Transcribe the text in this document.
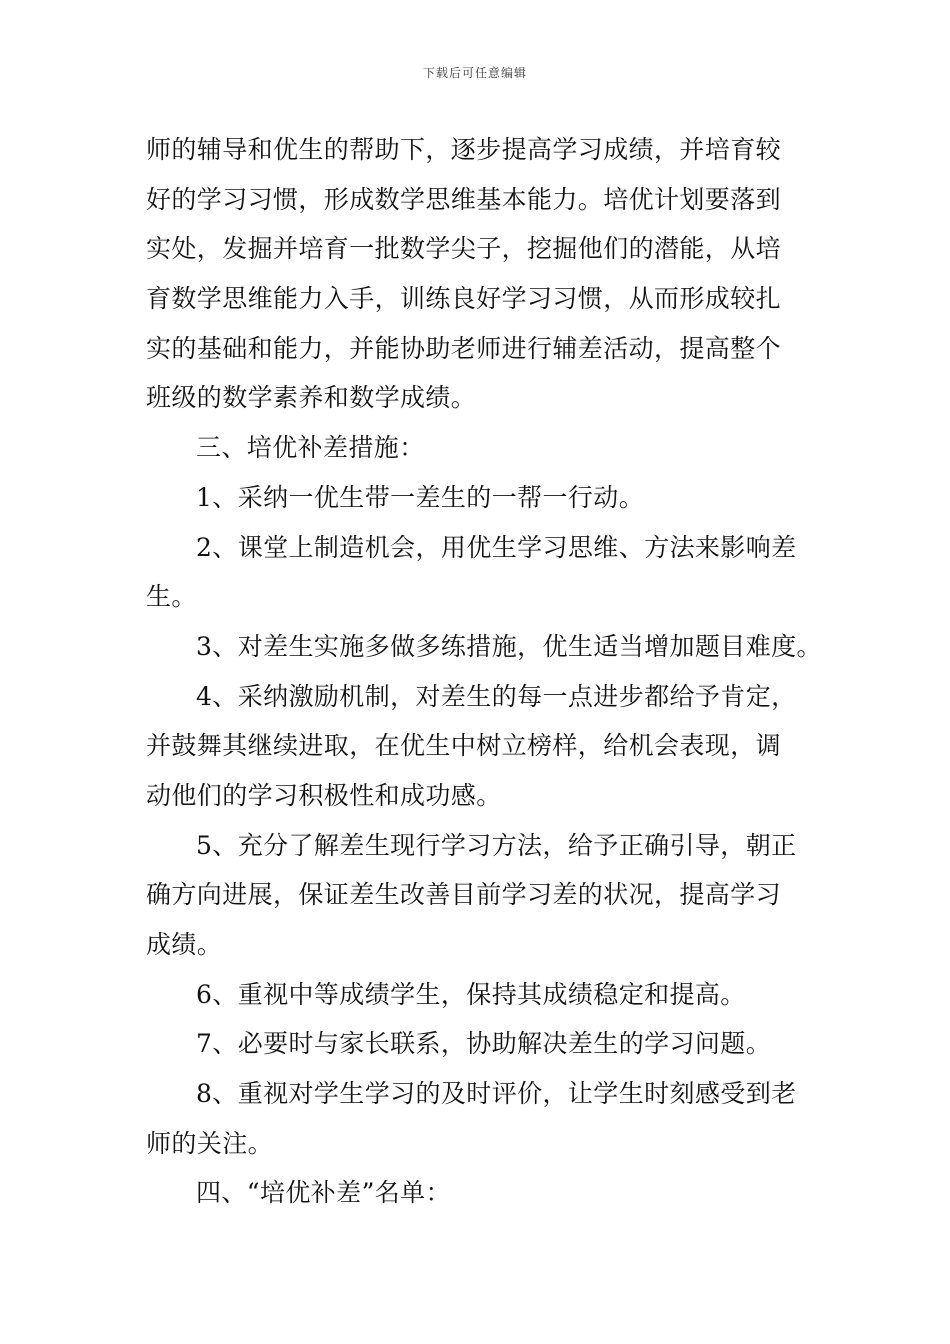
下载后可任意编辑
师的辅导和优生的帮助下，逐步提高学习成绩，并培育较
好的学习习惯，形成数学思维基本能力。培优计划要落到
实处，发掘并培育一批数学尖子，挖掘他们的潜能，从培
育数学思维能力入手，训练良好学习习惯，从而形成较扎
实的基础和能力，并能协助老师进行辅差活动，提高整个
班级的数学素养和数学成绩。
三、培优补差措施：
1、采纳一优生带一差生的一帮一行动。
2、课堂上制造机会，用优生学习思维、方法来影响差
生。
3、对差生实施多做多练措施，优生适当增加题目难度。
4、采纳激励机制，对差生的每一点进步都给予肯定，
并鼓舞其继续进取，在优生中树立榜样，给机会表现，调
动他们的学习积极性和成功感。
5、充分了解差生现行学习方法，给予正确引导，朝正
确方向进展，保证差生改善目前学习差的状况，提高学习
成绩。
6、重视中等成绩学生，保持其成绩稳定和提高。
7、必要时与家长联系，协助解决差生的学习问题。
8、重视对学生学习的及时评价，让学生时刻感受到老
师的关注。
四、“培优补差”名单：
